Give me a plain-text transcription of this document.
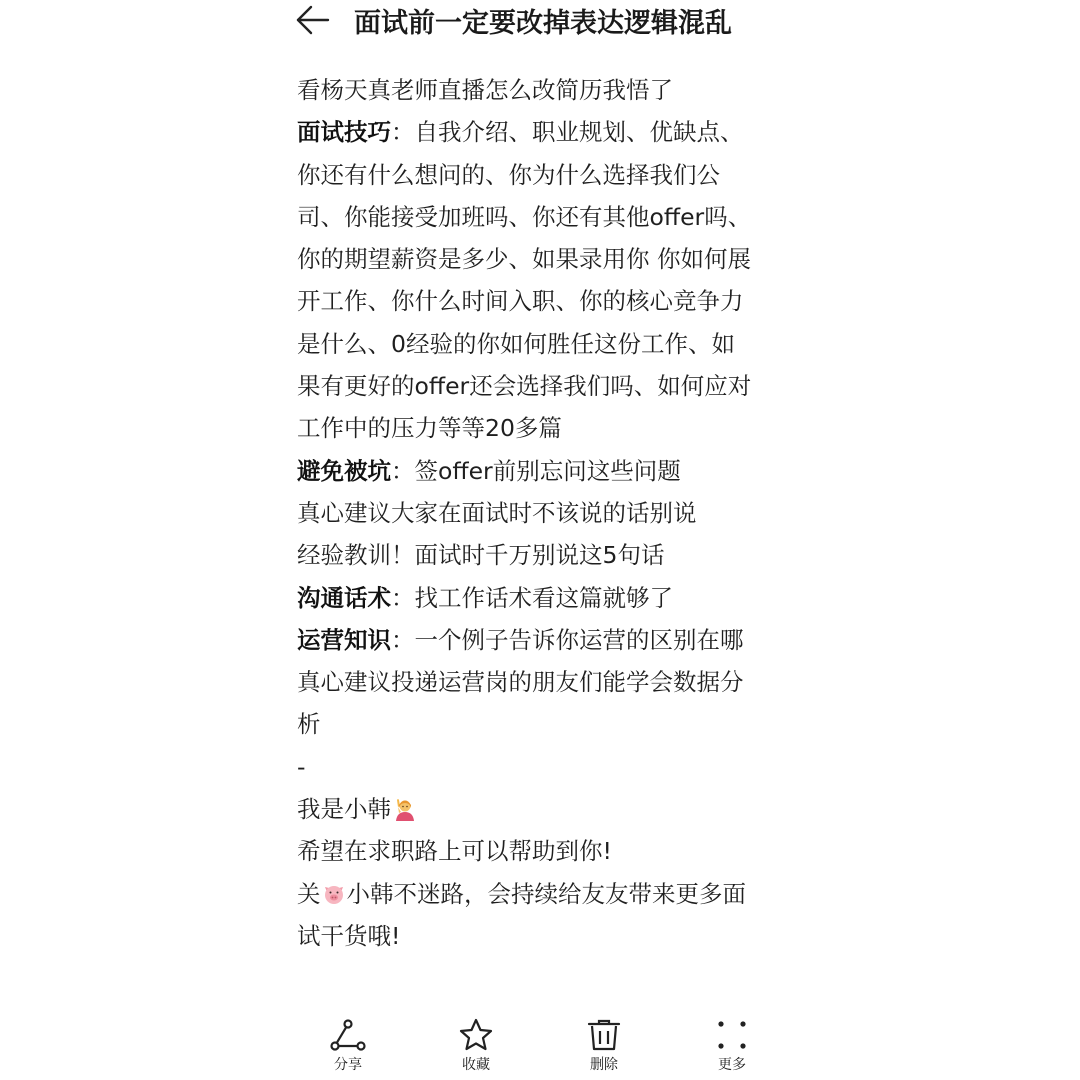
面试前一定要改掉表达逻辑混乱
看杨天真老师直播怎么改简历我悟了
面试技巧：自我介绍、职业规划、优缺点、
你还有什么想问的、你为什么选择我们公
司、你能接受加班吗、你还有其他offer吗、
你的期望薪资是多少、如果录用你 你如何展
开工作、你什么时间入职、你的核心竞争力
是什么、0经验的你如何胜任这份工作、如
果有更好的offer还会选择我们吗、如何应对
工作中的压力等等20多篇
避免被坑：签offer前别忘问这些问题
真心建议大家在面试时不该说的话别说
经验教训！面试时千万别说这5句话
沟通话术：找工作话术看这篇就够了
运营知识：一个例子告诉你运营的区别在哪
真心建议投递运营岗的朋友们能学会数据分
析
-
我是小韩
希望在求职路上可以帮助到你!
关 小韩不迷路，会持续给友友带来更多面
试干货哦!
分享	收藏	删除	更多
